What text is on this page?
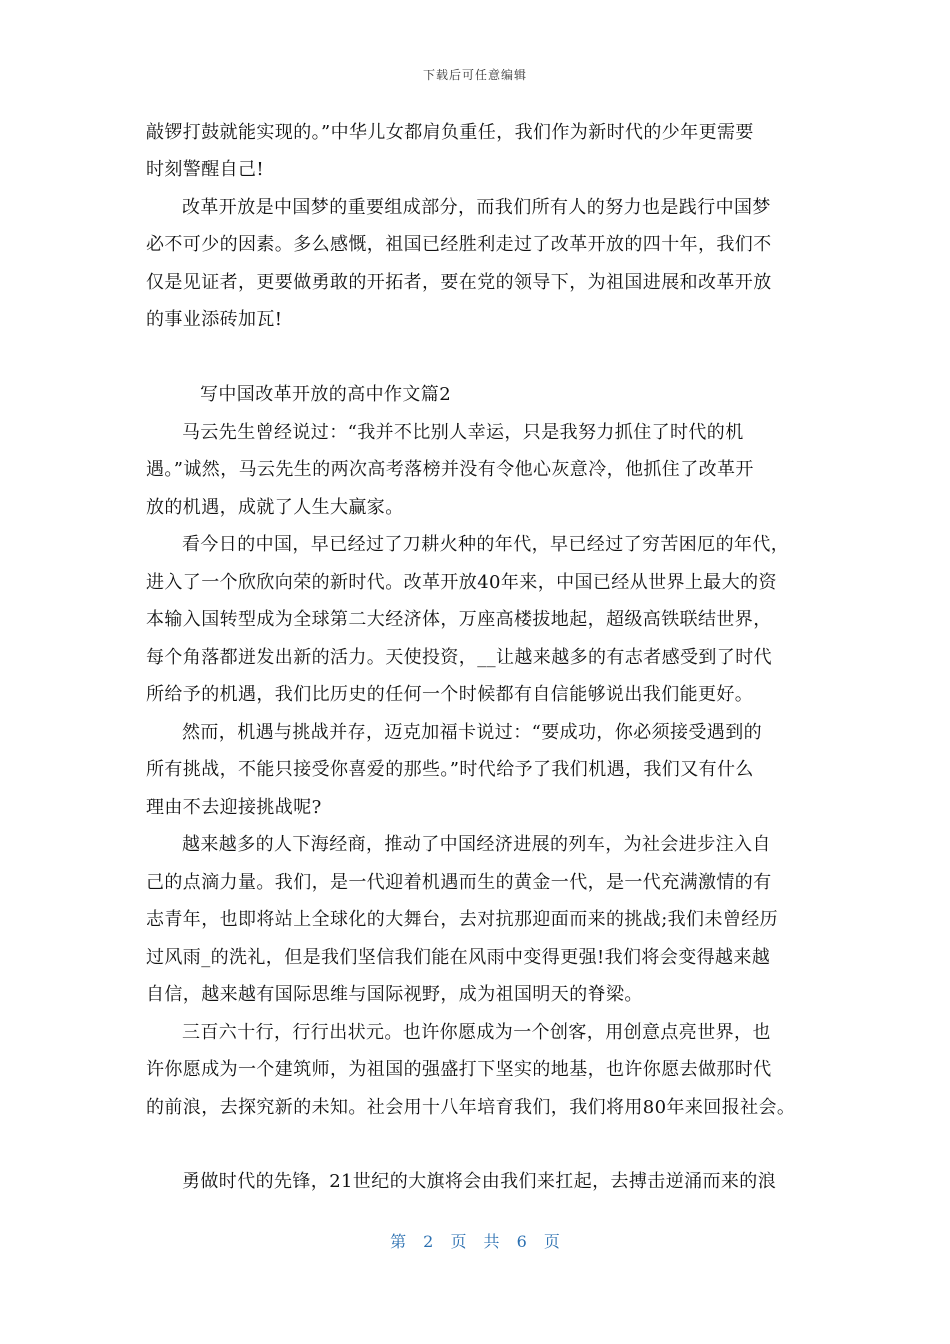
下载后可任意编辑
敲锣打鼓就能实现的。”中华儿女都肩负重任，我们作为新时代的少年更需要
时刻警醒自己!
改革开放是中国梦的重要组成部分，而我们所有人的努力也是践行中国梦
必不可少的因素。多么感慨，祖国已经胜利走过了改革开放的四十年，我们不
仅是见证者，更要做勇敢的开拓者，要在党的领导下，为祖国进展和改革开放
的事业添砖加瓦!
写中国改革开放的高中作文篇2
马云先生曾经说过：“我并不比别人幸运，只是我努力抓住了时代的机
遇。”诚然，马云先生的两次高考落榜并没有令他心灰意冷，他抓住了改革开
放的机遇，成就了人生大赢家。
看今日的中国，早已经过了刀耕火种的年代，早已经过了穷苦困厄的年代，
进入了一个欣欣向荣的新时代。改革开放40年来，中国已经从世界上最大的资
本输入国转型成为全球第二大经济体，万座高楼拔地起，超级高铁联结世界，
每个角落都迸发出新的活力。天使投资，__让越来越多的有志者感受到了时代
所给予的机遇，我们比历史的任何一个时候都有自信能够说出我们能更好。
然而，机遇与挑战并存，迈克加福卡说过：“要成功，你必须接受遇到的
所有挑战，不能只接受你喜爱的那些。”时代给予了我们机遇，我们又有什么
理由不去迎接挑战呢?
越来越多的人下海经商，推动了中国经济进展的列车，为社会进步注入自
己的点滴力量。我们，是一代迎着机遇而生的黄金一代，是一代充满激情的有
志青年，也即将站上全球化的大舞台，去对抗那迎面而来的挑战;我们未曾经历
过风雨_的洗礼，但是我们坚信我们能在风雨中变得更强!我们将会变得越来越
自信，越来越有国际思维与国际视野，成为祖国明天的脊梁。
三百六十行，行行出状元。也许你愿成为一个创客，用创意点亮世界，也
许你愿成为一个建筑师，为祖国的强盛打下坚实的地基，也许你愿去做那时代
的前浪，去探究新的未知。社会用十八年培育我们，我们将用80年来回报社会。
勇做时代的先锋，21世纪的大旗将会由我们来扛起，去搏击逆涌而来的浪
第 2 页 共 6 页
